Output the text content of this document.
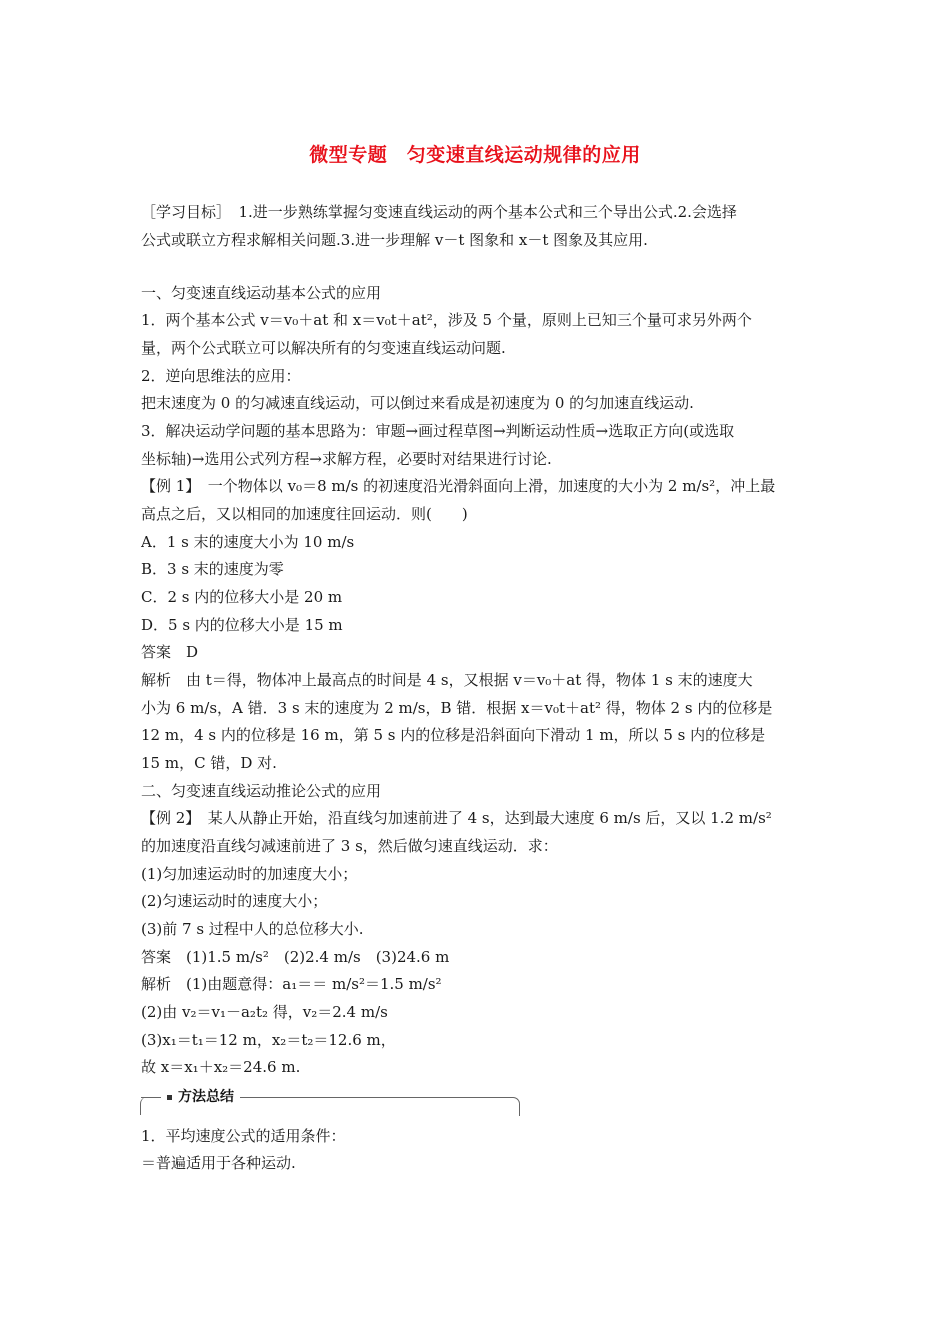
微型专题　匀变速直线运动规律的应用
［学习目标］　1.进一步熟练掌握匀变速直线运动的两个基本公式和三个导出公式.2.会选择
公式或联立方程求解相关问题.3.进一步理解 v－t 图象和 x－t 图象及其应用.
一、匀变速直线运动基本公式的应用
1．两个基本公式 v＝v₀＋at 和 x＝v₀t＋at²，涉及 5 个量，原则上已知三个量可求另外两个
量，两个公式联立可以解决所有的匀变速直线运动问题.
2．逆向思维法的应用：
把末速度为 0 的匀减速直线运动，可以倒过来看成是初速度为 0 的匀加速直线运动.
3．解决运动学问题的基本思路为：审题→画过程草图→判断运动性质→选取正方向(或选取
坐标轴)→选用公式列方程→求解方程，必要时对结果进行讨论.
【例 1】　一个物体以 v₀＝8 m/s 的初速度沿光滑斜面向上滑，加速度的大小为 2 m/s²，冲上最
高点之后，又以相同的加速度往回运动．则(　　)
A．1 s 末的速度大小为 10 m/s
B．3 s 末的速度为零
C．2 s 内的位移大小是 20 m
D．5 s 内的位移大小是 15 m
答案　D
解析　由 t＝得，物体冲上最高点的时间是 4 s，又根据 v＝v₀＋at 得，物体 1 s 末的速度大
小为 6 m/s，A 错．3 s 末的速度为 2 m/s，B 错．根据 x＝v₀t＋at² 得，物体 2 s 内的位移是
12 m，4 s 内的位移是 16 m，第 5 s 内的位移是沿斜面向下滑动 1 m，所以 5 s 内的位移是
15 m，C 错，D 对.
二、匀变速直线运动推论公式的应用
【例 2】　某人从静止开始，沿直线匀加速前进了 4 s，达到最大速度 6 m/s 后，又以 1.2 m/s²
的加速度沿直线匀减速前进了 3 s，然后做匀速直线运动．求：
(1)匀加速运动时的加速度大小；
(2)匀速运动时的速度大小；
(3)前 7 s 过程中人的总位移大小.
答案　(1)1.5 m/s²　(2)2.4 m/s　(3)24.6 m
解析　(1)由题意得：a₁＝＝ m/s²＝1.5 m/s²
(2)由 v₂＝v₁－a₂t₂ 得，v₂＝2.4 m/s
(3)x₁＝t₁＝12 m，x₂＝t₂＝12.6 m，
故 x＝x₁＋x₂＝24.6 m.
方法总结
1．平均速度公式的适用条件：
＝普遍适用于各种运动.
